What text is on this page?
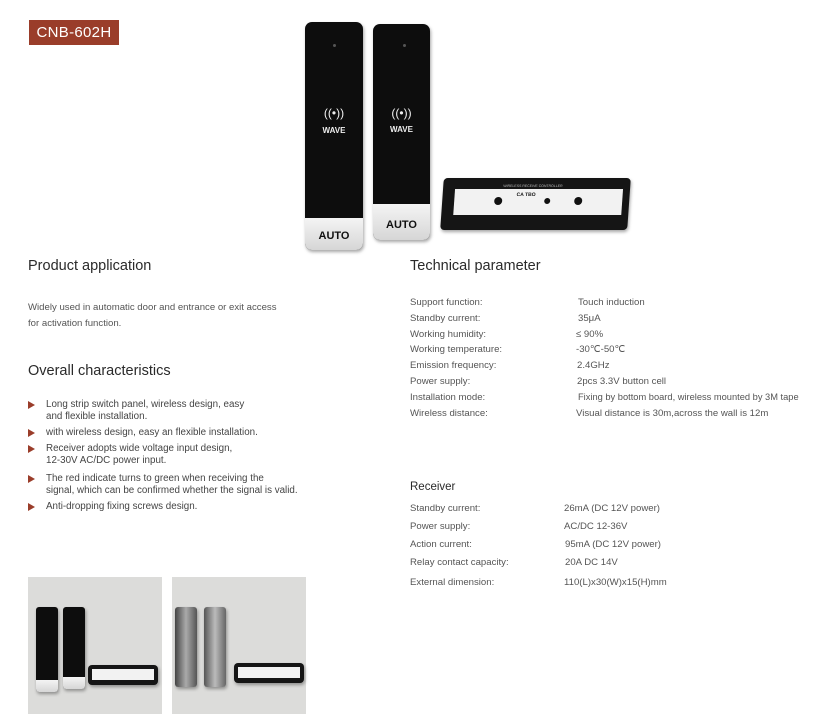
CNB-602H
((•))
WAVE
AUTO
((•))
WAVE
AUTO
CA TBO
WIRELESS RECEIVE CONTROLLER
Product application
Widely used in automatic door and entrance or exit access
for activation function.
Overall characteristics
Long strip switch panel, wireless design, easy
and flexible installation.
with wireless design, easy an flexible installation.
Receiver adopts wide voltage input design,
12-30V AC/DC power input.
The red indicate turns to green when receiving the
signal, which can be confirmed whether the signal is valid.
Anti-dropping fixing screws design.
Technical parameter
Support function:	Touch induction
Standby current:	35μA
Working humidity:	≤ 90%
Working temperature:	-30℃-50℃
Emission frequency:	2.4GHz
Power supply:	2pcs 3.3V button cell
Installation mode:	Fixing by bottom board, wireless mounted by 3M tape
Wireless distance:	Visual distance is 30m,across the wall is 12m
Receiver
Standby current:	26mA (DC 12V power)
Power supply:	AC/DC 12-36V
Action current:	95mA (DC 12V power)
Relay contact capacity:	20A DC 14V
External dimension:	110(L)x30(W)x15(H)mm
